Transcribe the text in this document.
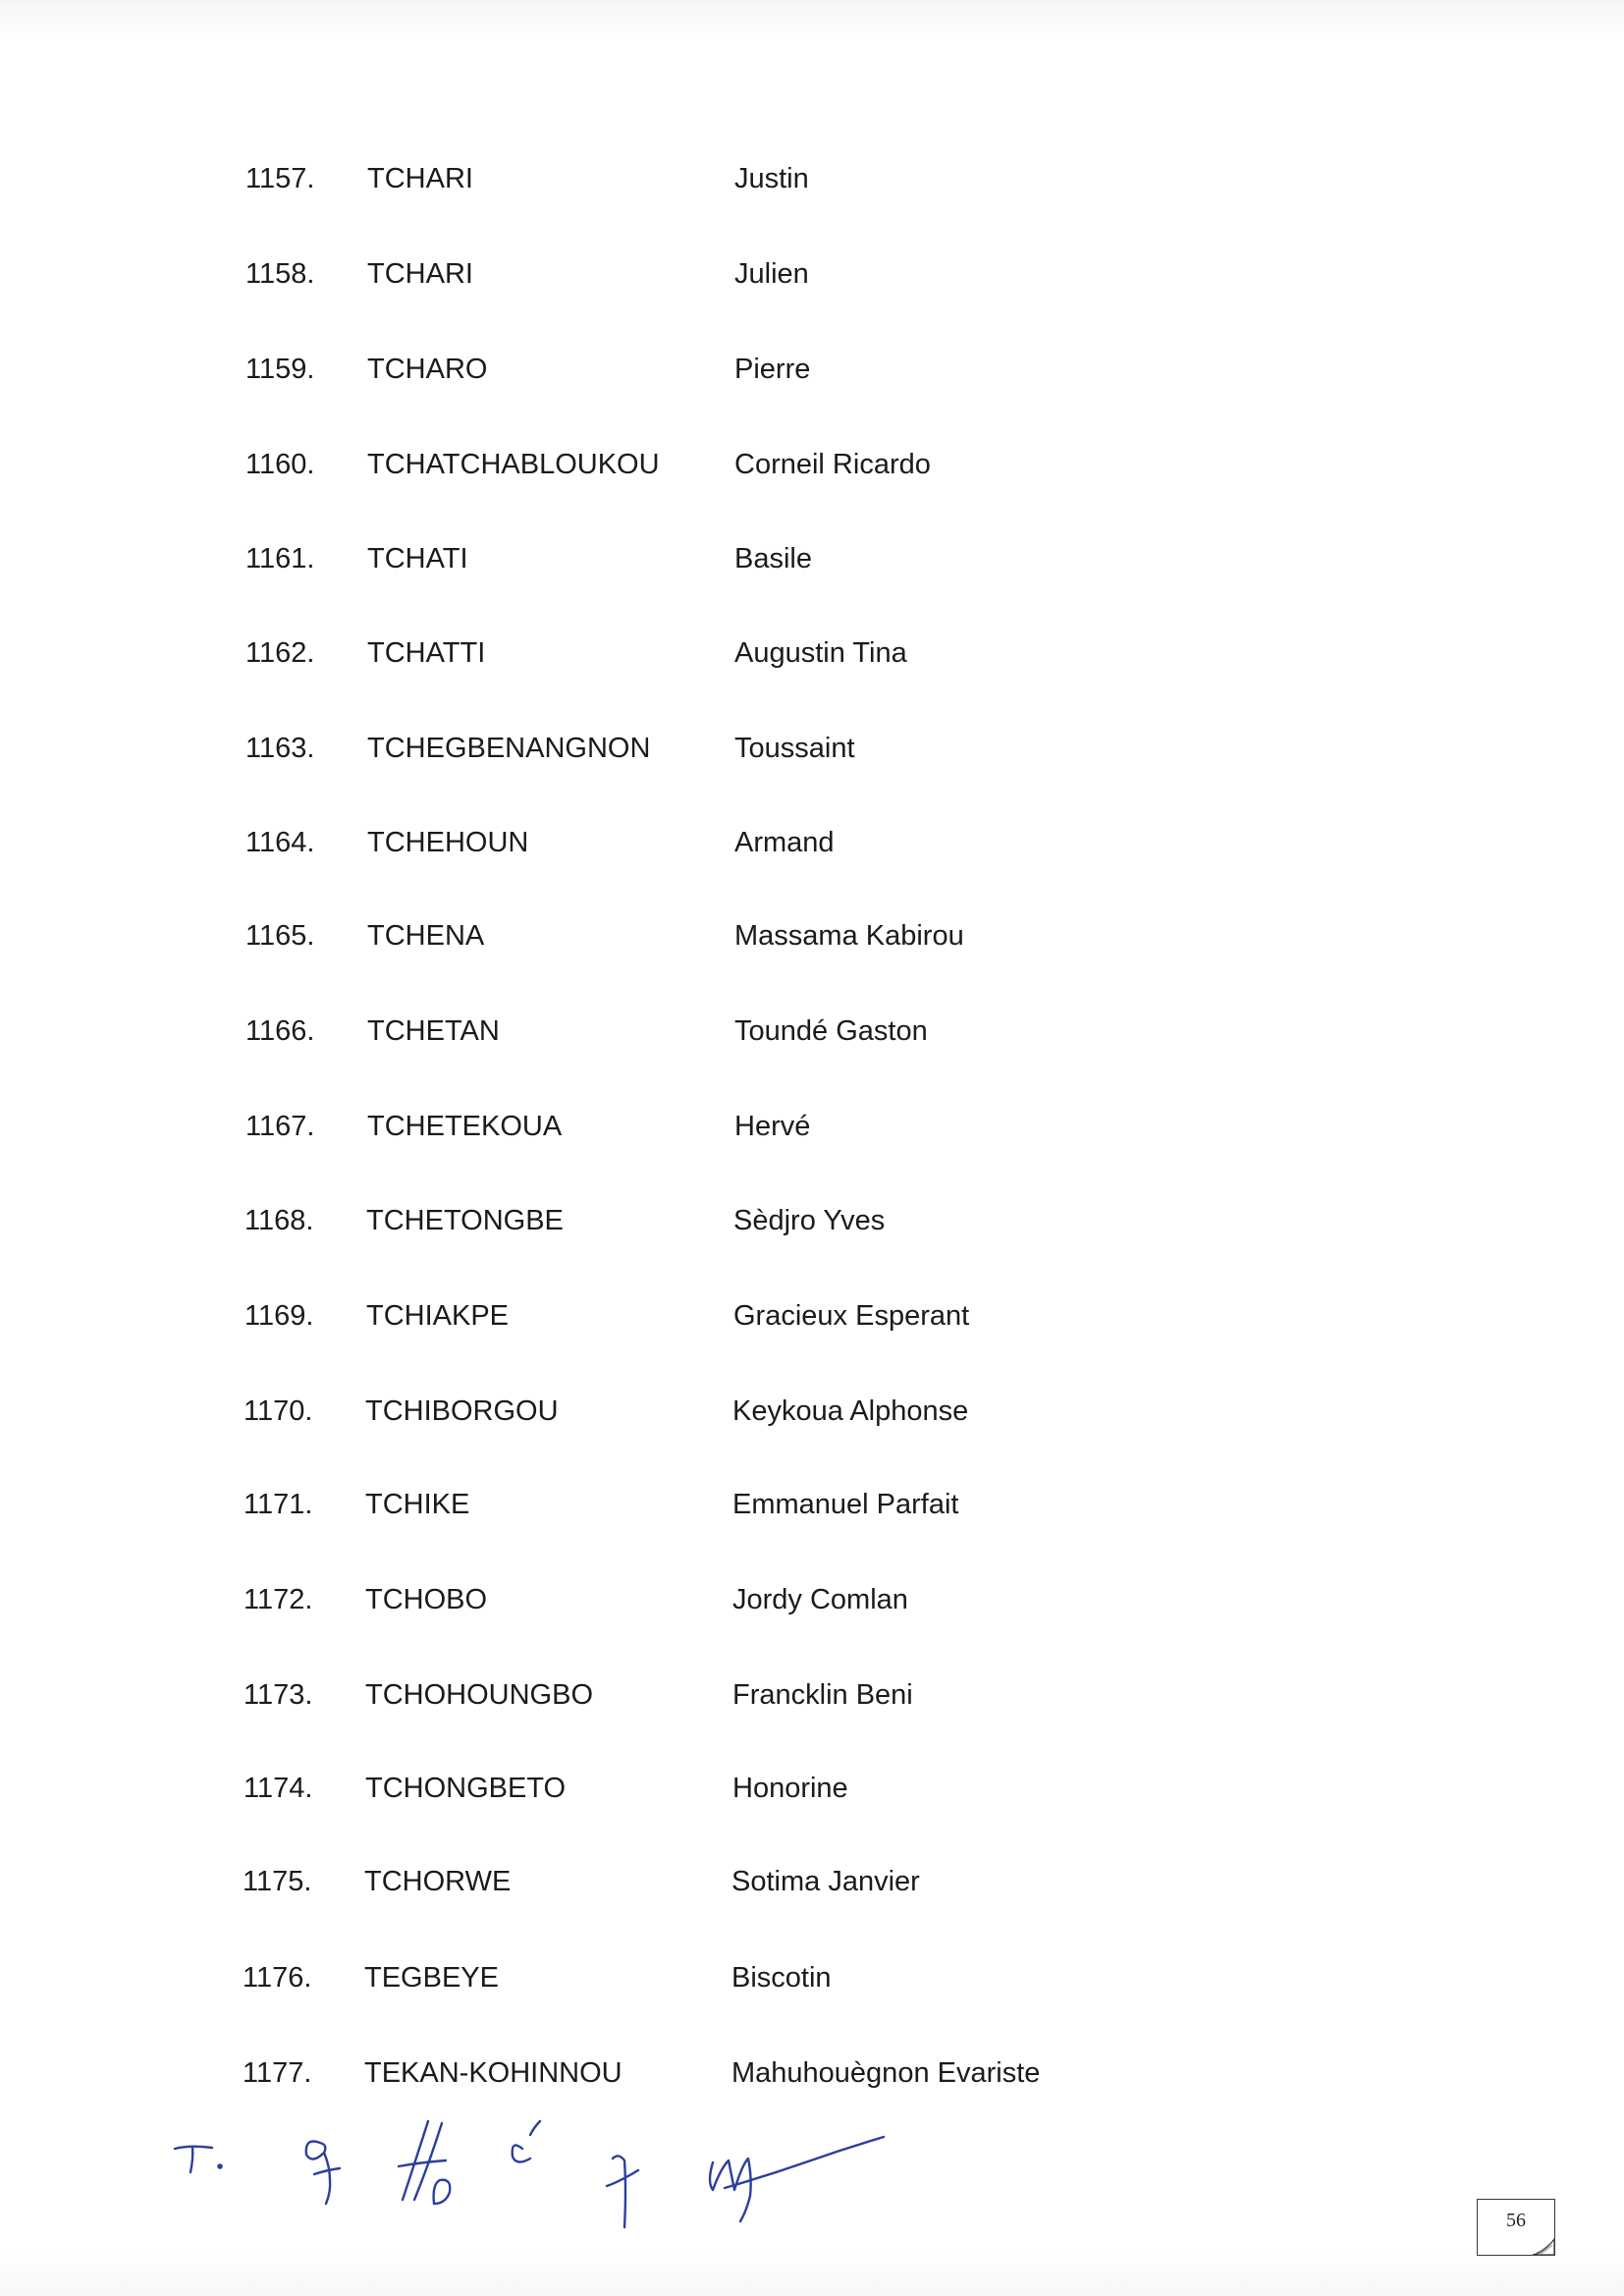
1157. TCHARI	Justin
1158. TCHARI	Julien
1159. TCHARO	Pierre
1160. TCHATCHABLOUKOU	Corneil Ricardo
1161. TCHATI	Basile
1162. TCHATTI	Augustin Tina
1163. TCHEGBENANGNON	Toussaint
1164. TCHEHOUN	Armand
1165. TCHENA	Massama Kabirou
1166. TCHETAN	Toundé Gaston
1167. TCHETEKOUA	Hervé
1168. TCHETONGBE	Sèdjro Yves
1169. TCHIAKPE	Gracieux Esperant
1170. TCHIBORGOU	Keykoua Alphonse
1171. TCHIKE	Emmanuel Parfait
1172. TCHOBO	Jordy Comlan
1173. TCHOHOUNGBO	Francklin Beni
1174. TCHONGBETO	Honorine
1175. TCHORWE	Sotima Janvier
1176. TEGBEYE	Biscotin
1177. TEKAN-KOHINNOU	Mahuhouègnon Evariste
56
